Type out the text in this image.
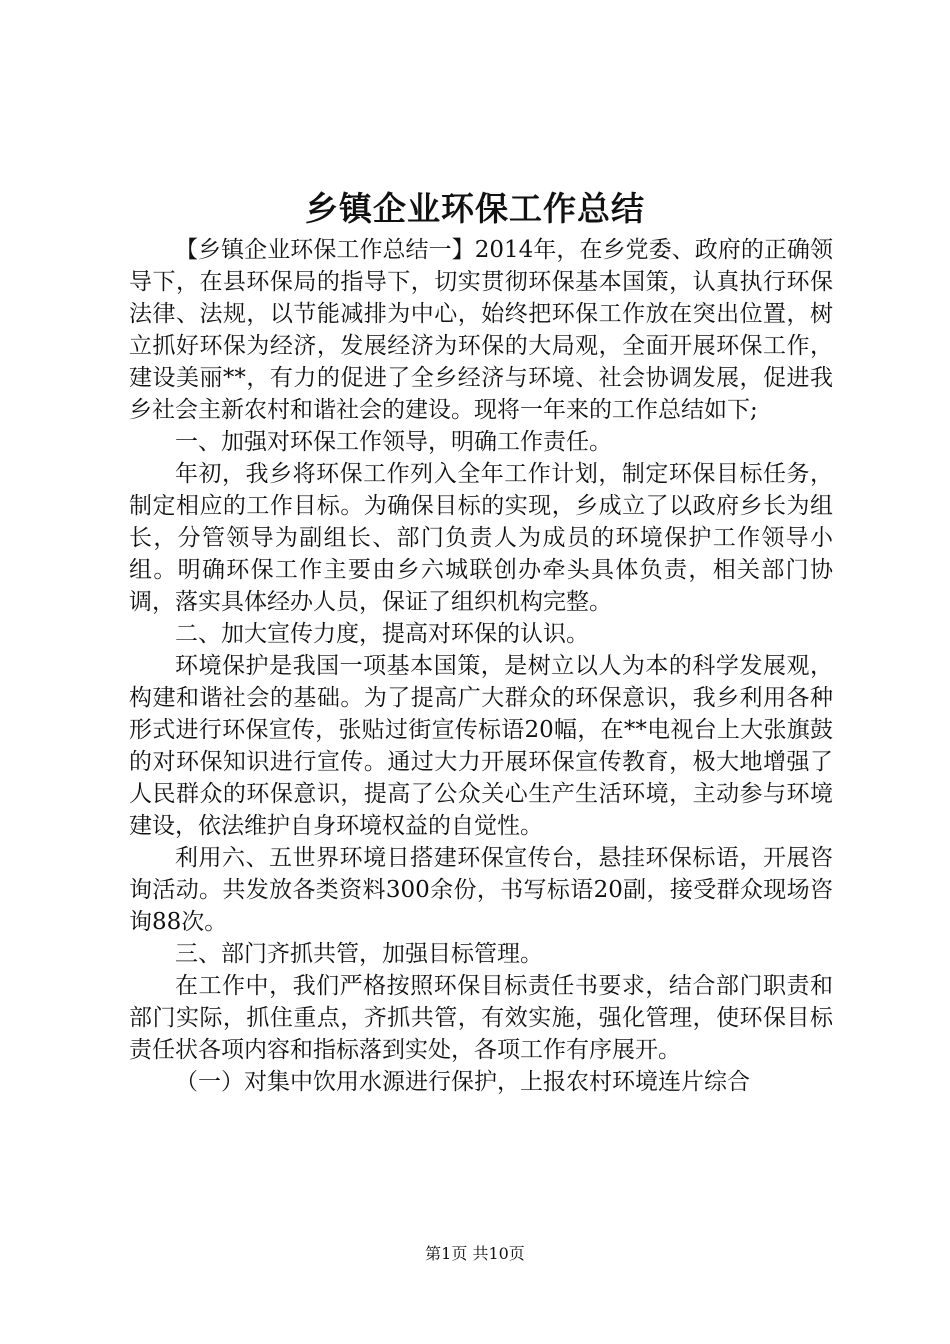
乡镇企业环保工作总结

【乡镇企业环保工作总结一】2014年，在乡党委、政府的正确领导下，在县环保局的指导下，切实贯彻环保基本国策，认真执行环保法律、法规，以节能减排为中心，始终把环保工作放在突出位置，树立抓好环保为经济，发展经济为环保的大局观，全面开展环保工作，建设美丽**，有力的促进了全乡经济与环境、社会协调发展，促进我乡社会主新农村和谐社会的建设。现将一年来的工作总结如下;

一、加强对环保工作领导，明确工作责任。

年初，我乡将环保工作列入全年工作计划，制定环保目标任务，制定相应的工作目标。为确保目标的实现，乡成立了以政府乡长为组长，分管领导为副组长、部门负责人为成员的环境保护工作领导小组。明确环保工作主要由乡六城联创办牵头具体负责，相关部门协调，落实具体经办人员，保证了组织机构完整。

二、加大宣传力度，提高对环保的认识。

环境保护是我国一项基本国策，是树立以人为本的科学发展观，构建和谐社会的基础。为了提高广大群众的环保意识，我乡利用各种形式进行环保宣传，张贴过街宣传标语20幅，在**电视台上大张旗鼓的对环保知识进行宣传。通过大力开展环保宣传教育，极大地增强了人民群众的环保意识，提高了公众关心生产生活环境，主动参与环境建设，依法维护自身环境权益的自觉性。

利用六、五世界环境日搭建环保宣传台，悬挂环保标语，开展咨询活动。共发放各类资料300余份，书写标语20副，接受群众现场咨询88次。

三、部门齐抓共管，加强目标管理。

在工作中，我们严格按照环保目标责任书要求，结合部门职责和部门实际，抓住重点，齐抓共管，有效实施，强化管理，使环保目标责任状各项内容和指标落到实处，各项工作有序展开。

（一）对集中饮用水源进行保护，上报农村环境连片综合

第1页 共10页
